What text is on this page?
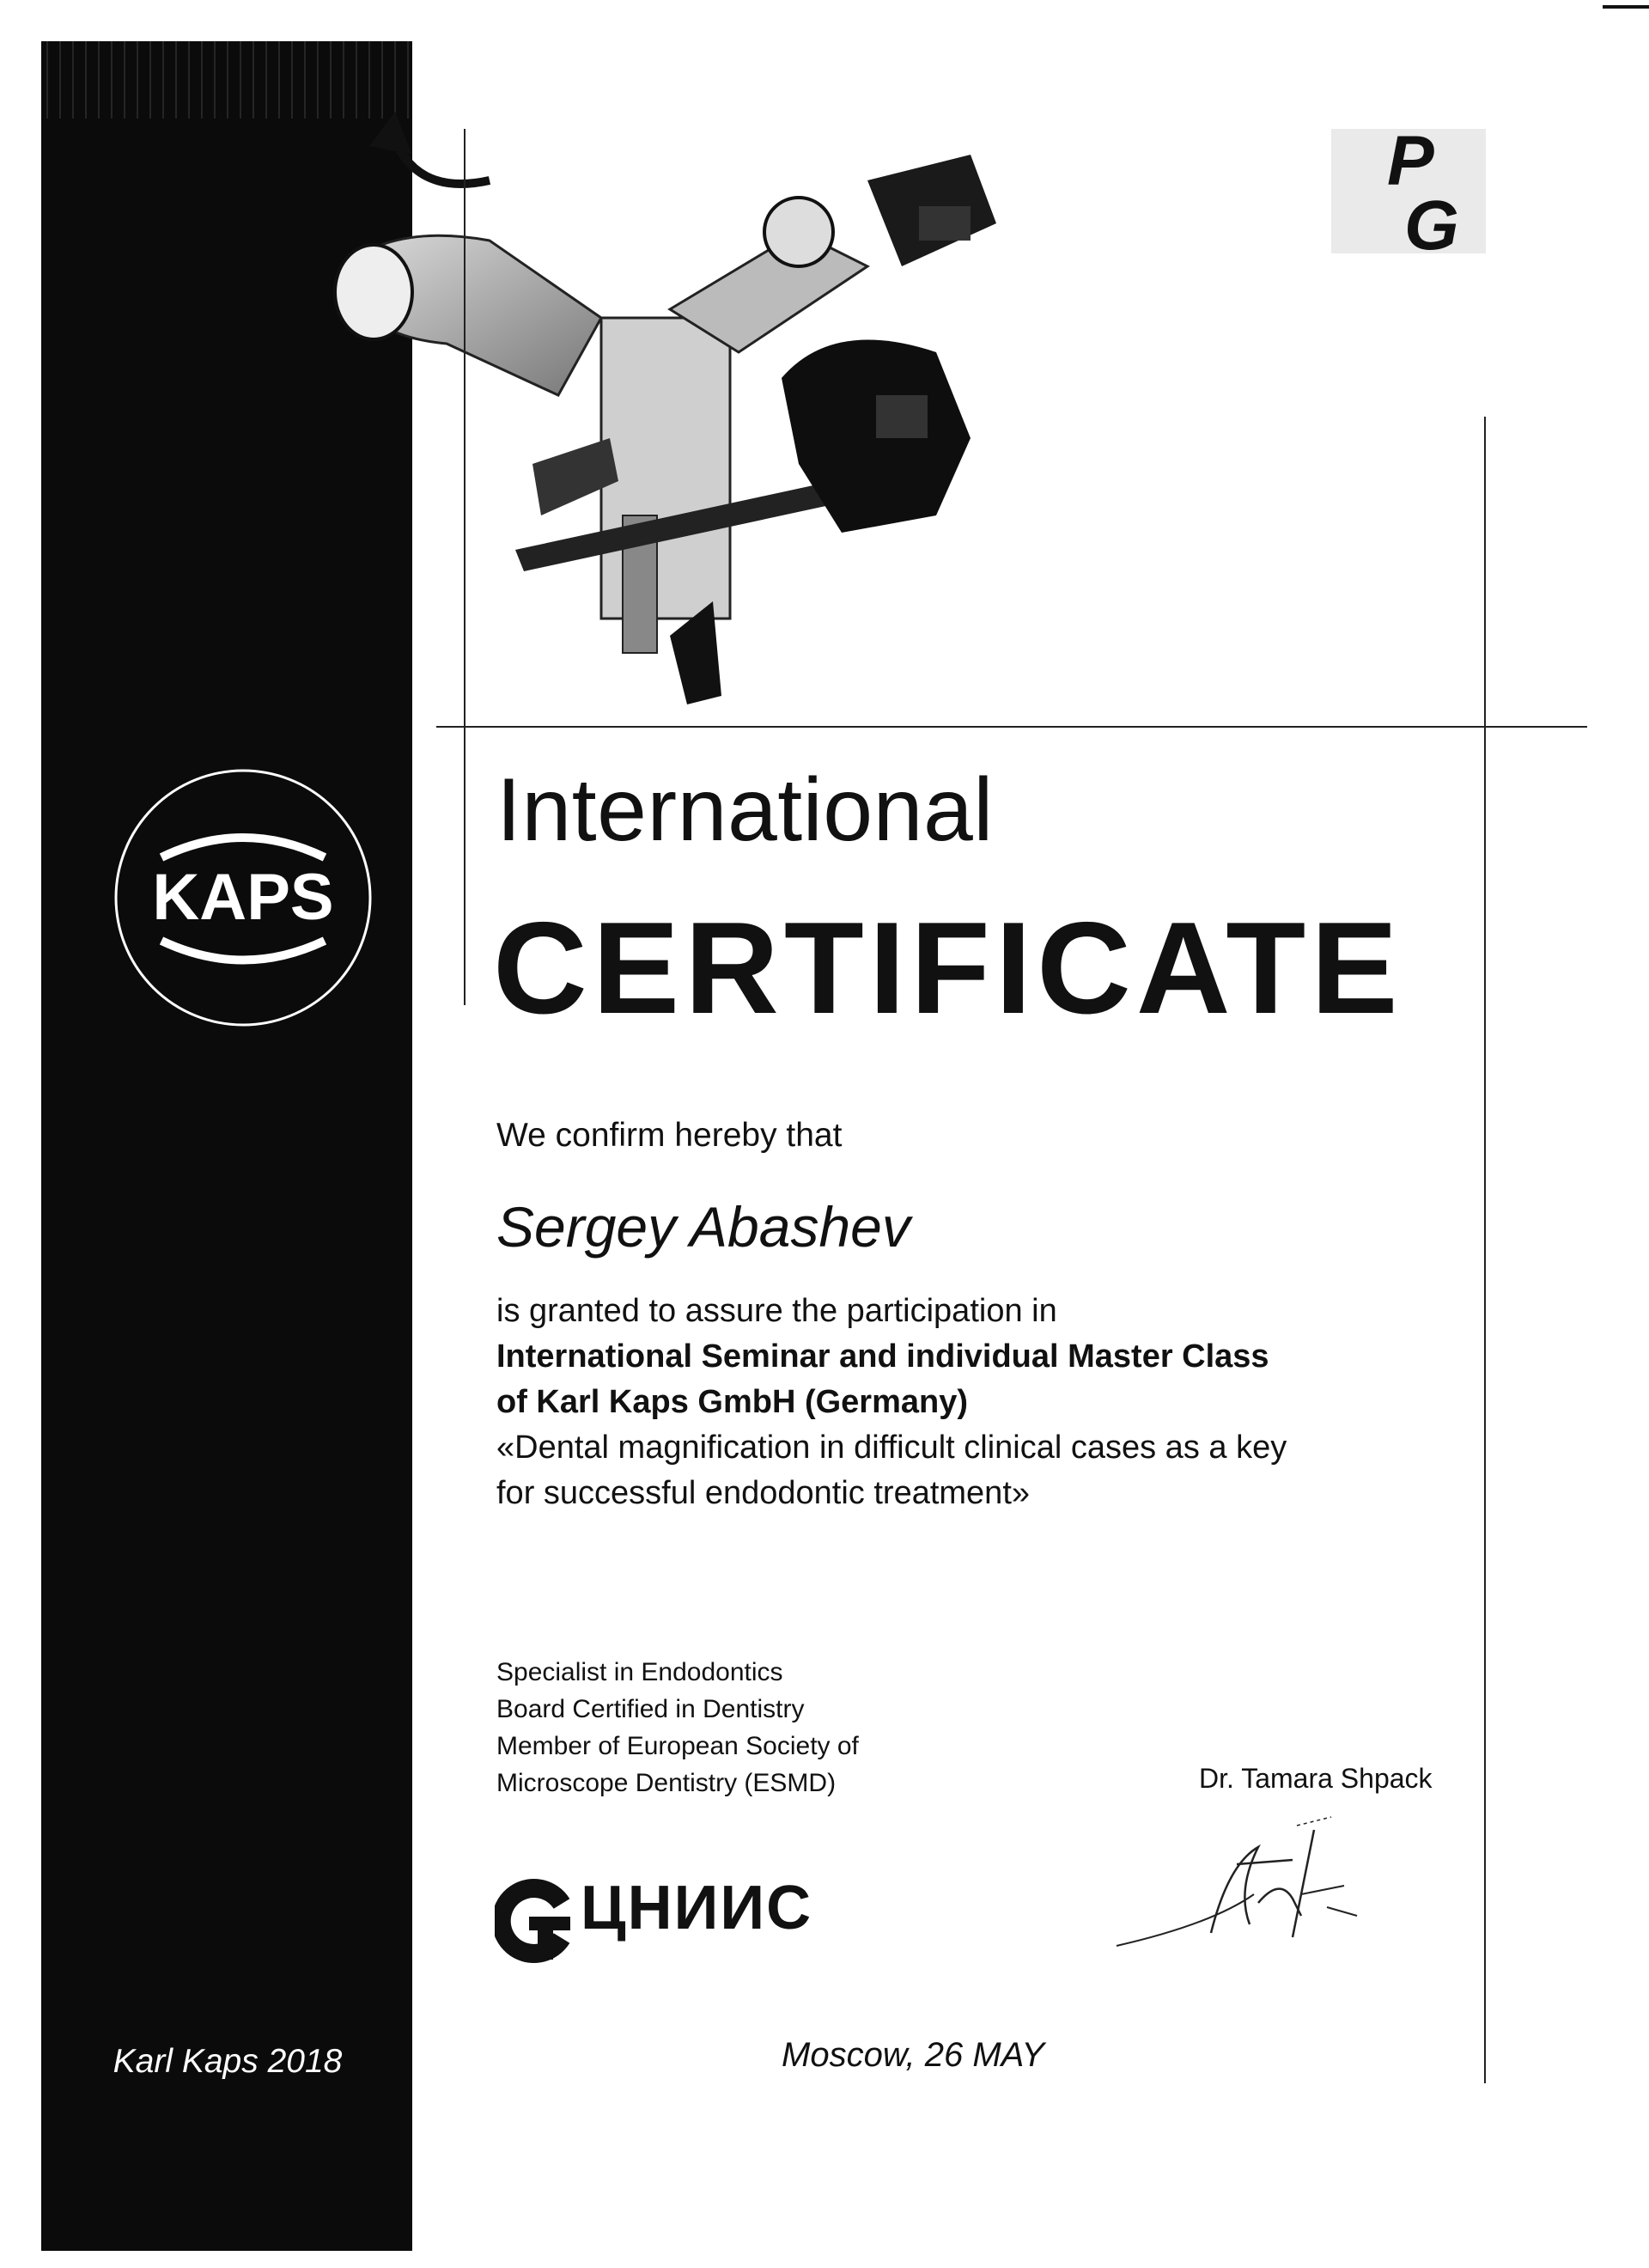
KAPS
Karl Kaps 2018
P
G
International
CERTIFICATE
We confirm hereby that
Sergey Abashev
is granted to assure the participation in
International Seminar and individual Master Class
of Karl Kaps GmbH (Germany)
«Dental magnification in difficult clinical cases as a key
for successful endodontic treatment»
Specialist in Endodontics
Board Certified in Dentistry
Member of European Society of
Microscope Dentistry (ESMD)	Dr. Tamara Shpack
ЦНИИС
Moscow, 26 MAY
